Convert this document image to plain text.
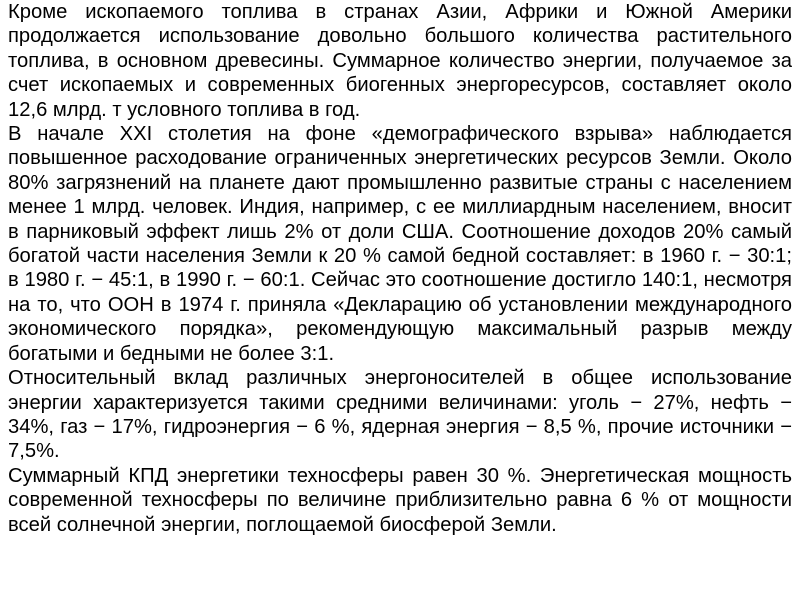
Кроме ископаемого топлива в странах Азии, Африки и Южной Америки продолжается использование довольно большого количества растительного топлива, в основном древесины. Суммарное количество энергии, получаемое за счет ископаемых и современных биогенных энергоресурсов, составляет около 12,6 млрд. т условного топлива в год.

В начале XXI столетия на фоне «демографического взрыва» наблюдается повышенное расходование ограниченных энергетических ресурсов Земли. Около 80% загрязнений на планете дают промышленно развитые страны с населением менее 1 млрд. человек. Индия, например, с ее миллиардным населением, вносит в парниковый эффект лишь 2% от доли США. Соотношение доходов 20% самый богатой части населения Земли к 20 % самой бедной составляет: в 1960 г. − 30:1; в 1980 г. − 45:1, в 1990 г. − 60:1. Сейчас это соотношение достигло 140:1, несмотря на то, что ООН в 1974 г. приняла «Декларацию об установлении международного экономического порядка», рекомендующую максимальный разрыв между богатыми и бедными не более 3:1.

Относительный вклад различных энергоносителей в общее использование энергии характеризуется такими средними величинами: уголь − 27%, нефть − 34%, газ − 17%, гидроэнергия − 6 %, ядерная энергия − 8,5 %, прочие источники − 7,5%.

Суммарный КПД энергетики техносферы равен 30 %. Энергетическая мощность современной техносферы по величине приблизительно равна 6 % от мощности всей солнечной энергии, поглощаемой биосферой Земли.
